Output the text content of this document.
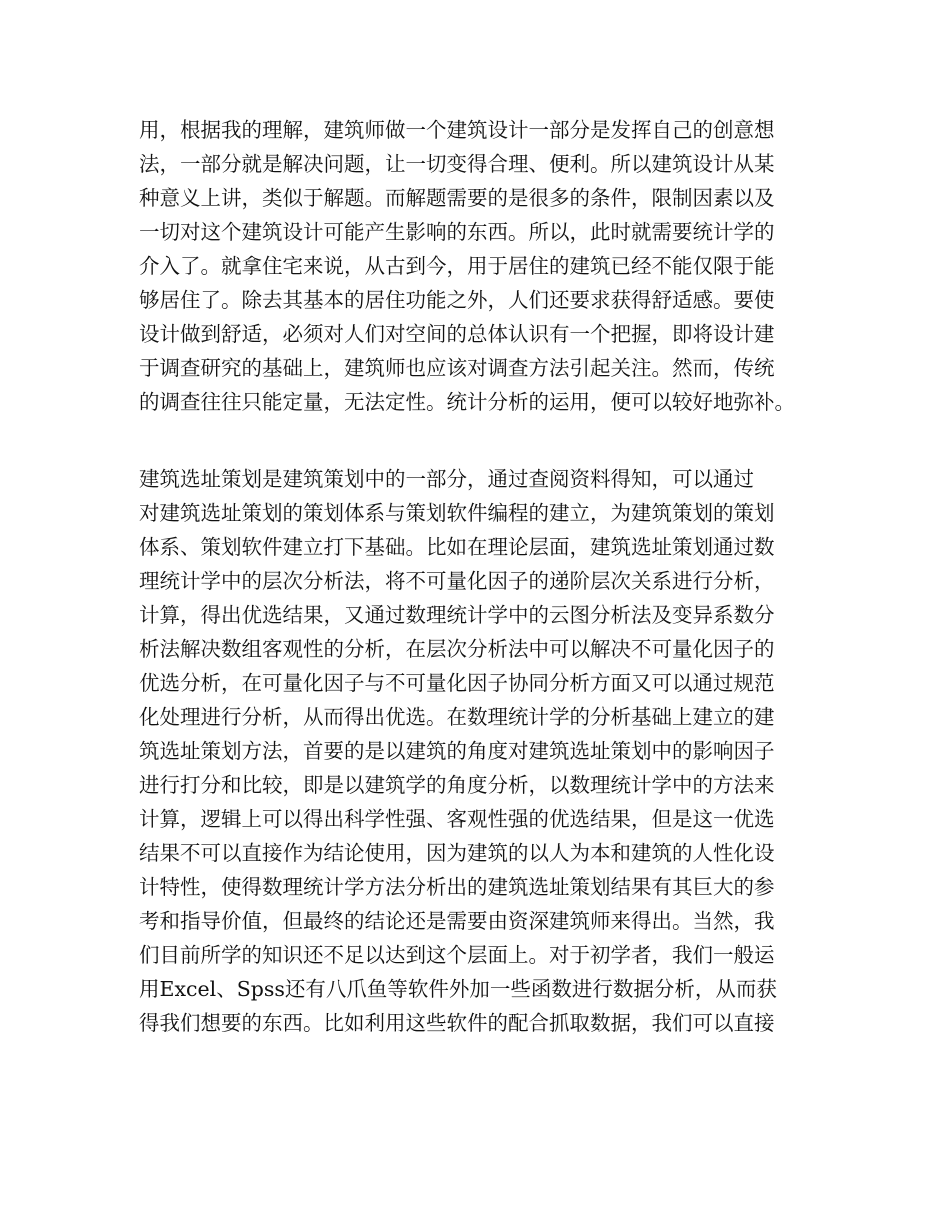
用，根据我的理解，建筑师做一个建筑设计一部分是发挥自己的创意想
法，一部分就是解决问题，让一切变得合理、便利。所以建筑设计从某
种意义上讲，类似于解题。而解题需要的是很多的条件，限制因素以及
一切对这个建筑设计可能产生影响的东西。所以，此时就需要统计学的
介入了。就拿住宅来说，从古到今，用于居住的建筑已经不能仅限于能
够居住了。除去其基本的居住功能之外，人们还要求获得舒适感。要使
设计做到舒适，必须对人们对空间的总体认识有一个把握，即将设计建
于调查研究的基础上，建筑师也应该对调查方法引起关注。然而，传统
的调查往往只能定量，无法定性。统计分析的运用，便可以较好地弥补。
建筑选址策划是建筑策划中的一部分，通过查阅资料得知，可以通过
对建筑选址策划的策划体系与策划软件编程的建立，为建筑策划的策划
体系、策划软件建立打下基础。比如在理论层面，建筑选址策划通过数
理统计学中的层次分析法，将不可量化因子的递阶层次关系进行分析，
计算，得出优选结果，又通过数理统计学中的云图分析法及变异系数分
析法解决数组客观性的分析，在层次分析法中可以解决不可量化因子的
优选分析，在可量化因子与不可量化因子协同分析方面又可以通过规范
化处理进行分析，从而得出优选。在数理统计学的分析基础上建立的建
筑选址策划方法，首要的是以建筑的角度对建筑选址策划中的影响因子
进行打分和比较，即是以建筑学的角度分析，以数理统计学中的方法来
计算，逻辑上可以得出科学性强、客观性强的优选结果，但是这一优选
结果不可以直接作为结论使用，因为建筑的以人为本和建筑的人性化设
计特性，使得数理统计学方法分析出的建筑选址策划结果有其巨大的参
考和指导价值，但最终的结论还是需要由资深建筑师来得出。当然，我
们目前所学的知识还不足以达到这个层面上。对于初学者，我们一般运
用Excel、Spss还有八爪鱼等软件外加一些函数进行数据分析，从而获
得我们想要的东西。比如利用这些软件的配合抓取数据，我们可以直接
